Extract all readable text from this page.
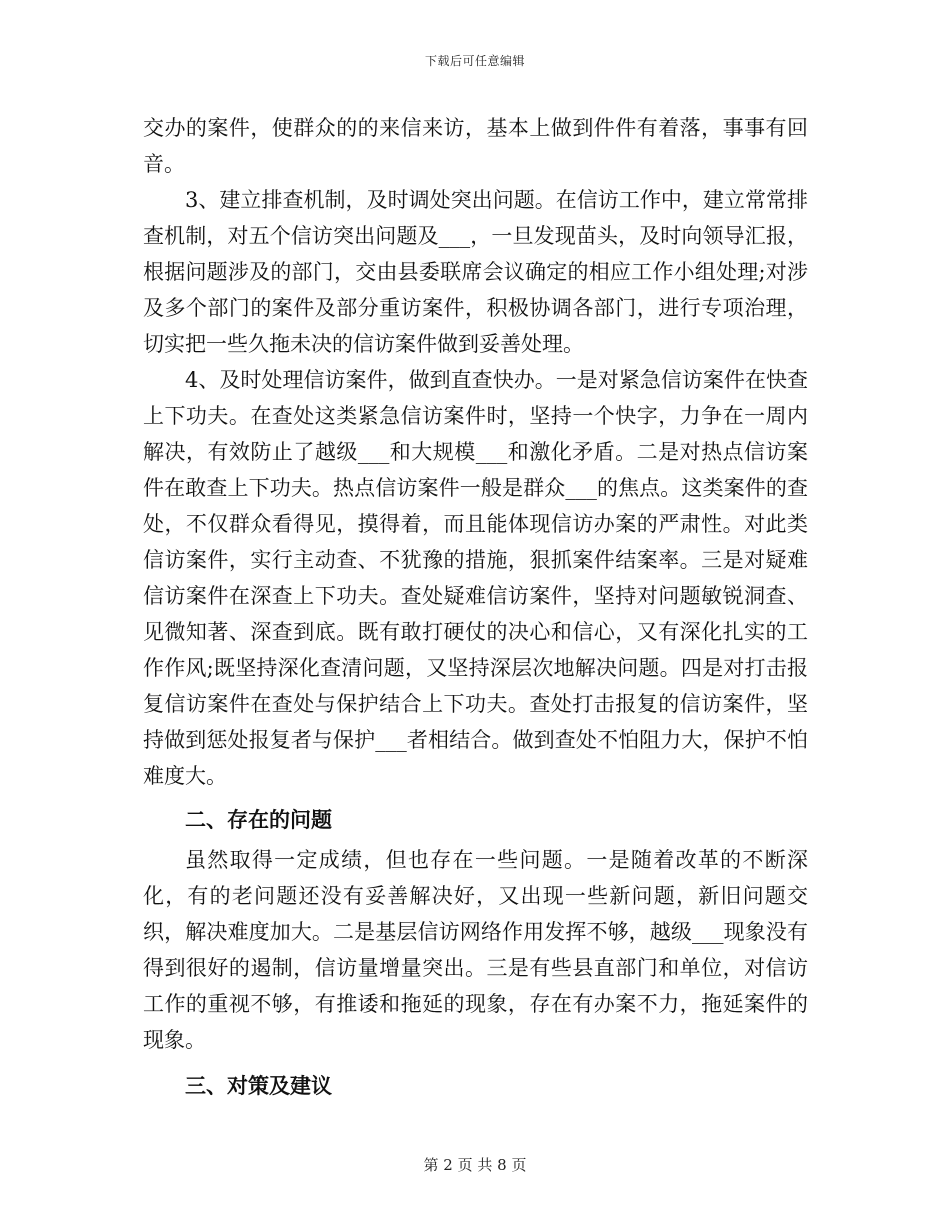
下载后可任意编辑

交办的案件，使群众的的来信来访，基本上做到件件有着落，事事有回音。

3、建立排查机制，及时调处突出问题。在信访工作中，建立常常排查机制，对五个信访突出问题及___，一旦发现苗头，及时向领导汇报，根据问题涉及的部门，交由县委联席会议确定的相应工作小组处理;对涉及多个部门的案件及部分重访案件，积极协调各部门，进行专项治理，切实把一些久拖未决的信访案件做到妥善处理。

4、及时处理信访案件，做到直查快办。一是对紧急信访案件在快查上下功夫。在查处这类紧急信访案件时，坚持一个快字，力争在一周内解决，有效防止了越级___和大规模___和激化矛盾。二是对热点信访案件在敢查上下功夫。热点信访案件一般是群众___的焦点。这类案件的查处，不仅群众看得见，摸得着，而且能体现信访办案的严肃性。对此类信访案件，实行主动查、不犹豫的措施，狠抓案件结案率。三是对疑难信访案件在深查上下功夫。查处疑难信访案件，坚持对问题敏锐洞查、见微知著、深查到底。既有敢打硬仗的决心和信心，又有深化扎实的工作作风;既坚持深化查清问题，又坚持深层次地解决问题。四是对打击报复信访案件在查处与保护结合上下功夫。查处打击报复的信访案件，坚持做到惩处报复者与保护___者相结合。做到查处不怕阻力大，保护不怕难度大。

二、存在的问题

虽然取得一定成绩，但也存在一些问题。一是随着改革的不断深化，有的老问题还没有妥善解决好，又出现一些新问题，新旧问题交织，解决难度加大。二是基层信访网络作用发挥不够，越级___现象没有得到很好的遏制，信访量增量突出。三是有些县直部门和单位，对信访工作的重视不够，有推诿和拖延的现象，存在有办案不力，拖延案件的现象。

三、对策及建议
第 2 页 共 8 页
